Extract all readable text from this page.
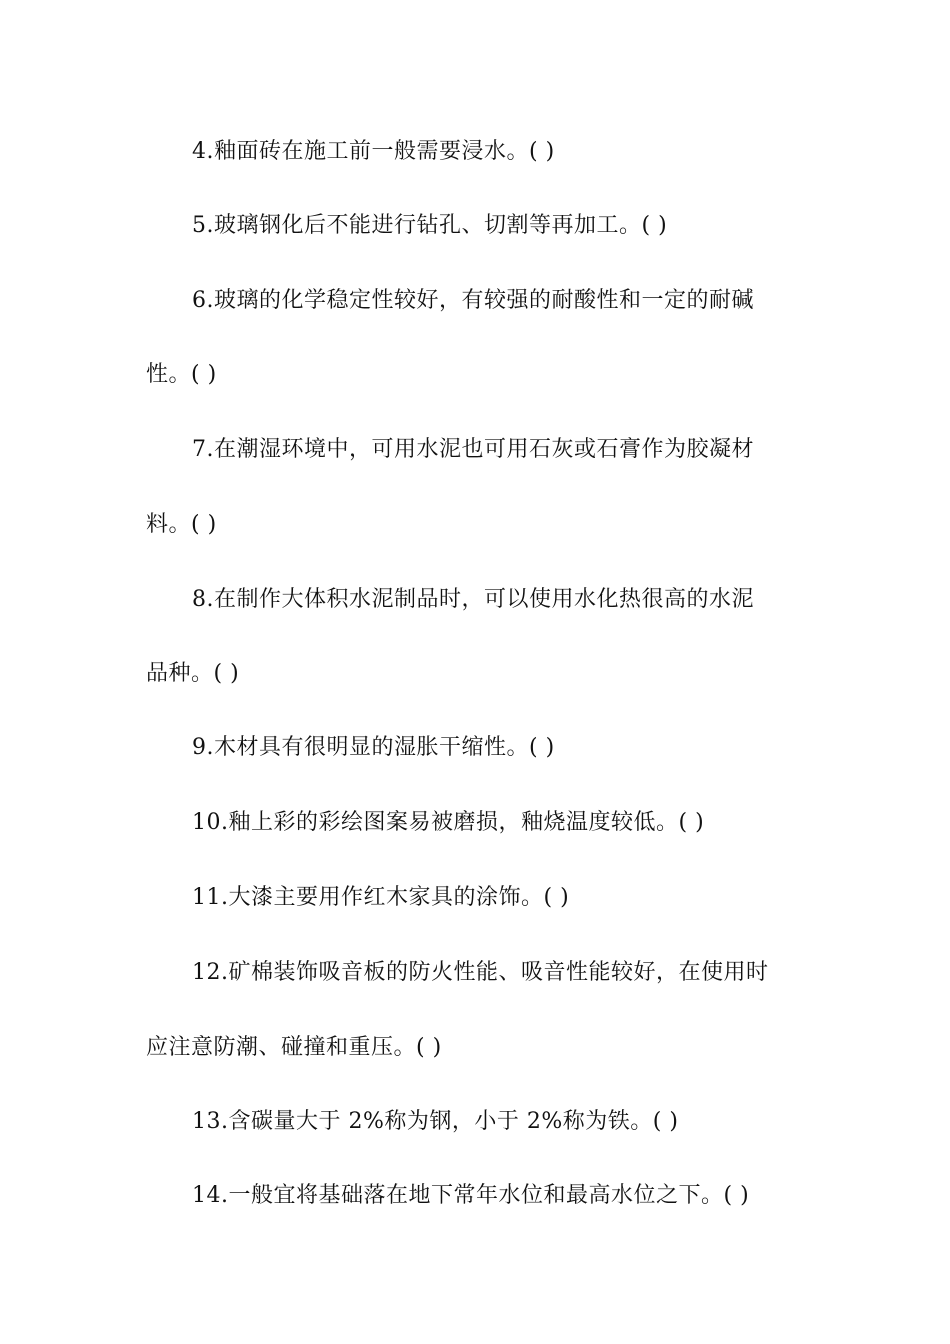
4.釉面砖在施工前一般需要浸水。( )
5.玻璃钢化后不能进行钻孔、切割等再加工。( )
6.玻璃的化学稳定性较好，有较强的耐酸性和一定的耐碱
性。( )
7.在潮湿环境中，可用水泥也可用石灰或石膏作为胶凝材
料。( )
8.在制作大体积水泥制品时，可以使用水化热很高的水泥
品种。( )
9.木材具有很明显的湿胀干缩性。( )
10.釉上彩的彩绘图案易被磨损，釉烧温度较低。( )
11.大漆主要用作红木家具的涂饰。( )
12.矿棉装饰吸音板的防火性能、吸音性能较好，在使用时
应注意防潮、碰撞和重压。( )
13.含碳量大于 2%称为钢，小于 2%称为铁。( )
14.一般宜将基础落在地下常年水位和最高水位之下。( )
